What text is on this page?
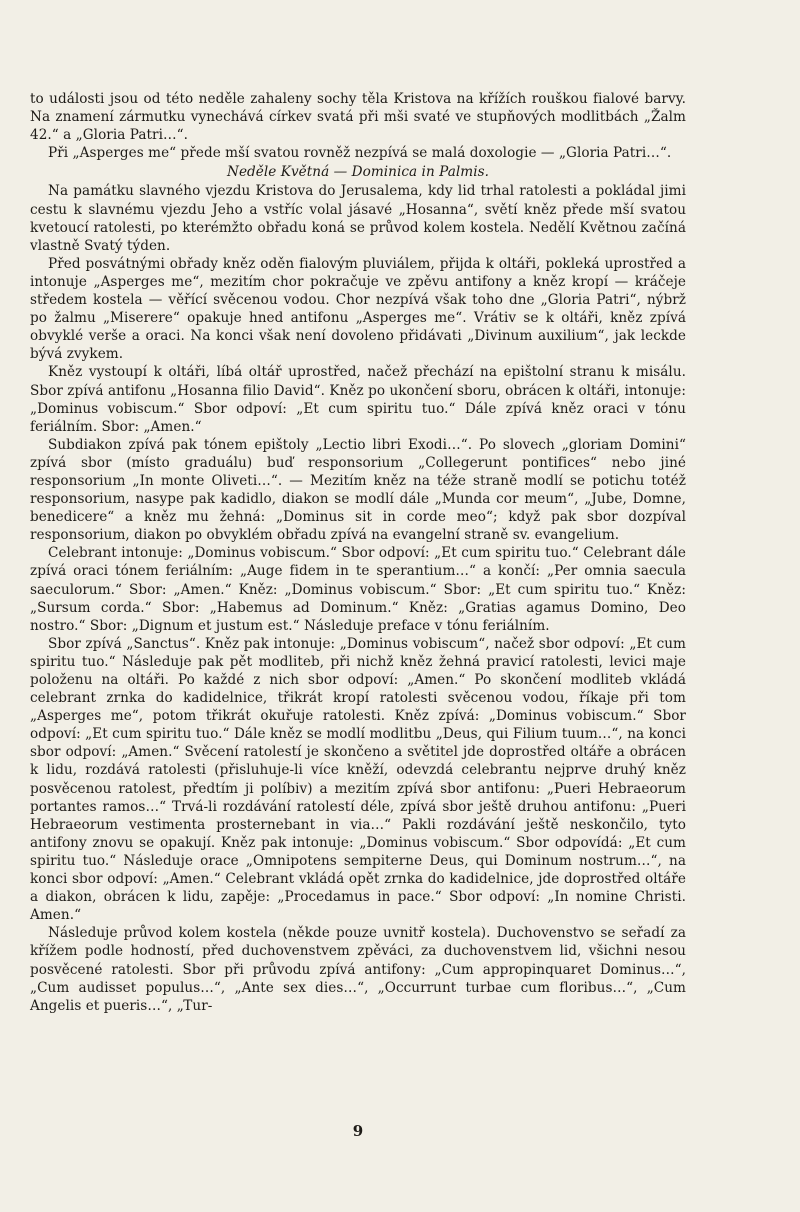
to události jsou od této neděle zahaleny sochy těla Kristova na křížích rouškou fialové barvy. Na znamení zármutku vynechává církev svatá při mši svaté ve stupňových modlitbách „Žalm 42.“ a „Gloria Patri…“.

Při „Asperges me“ přede mší svatou rovněž nezpívá se malá doxologie — „Gloria Patri…“.

Neděle Květná — Dominica in Palmis.

Na památku slavného vjezdu Kristova do Jerusalema, kdy lid trhal ratolesti a pokládal jimi cestu k slavnému vjezdu Jeho a vstříc volal jásavé „Hosanna“, světí kněz přede mší svatou kvetoucí ratolesti, po kterémžto obřadu koná se průvod kolem kostela. Nedělí Květnou začíná vlastně Svatý týden.

Před posvátnými obřady kněz oděn fialovým pluviálem, přijda k oltáři, pokleká uprostřed a intonuje „Asperges me“, mezitím chor pokračuje ve zpěvu antifony a kněz kropí — kráčeje středem kostela — věřící svěcenou vodou. Chor nezpívá však toho dne „Gloria Patri“, nýbrž po žalmu „Miserere“ opakuje hned antifonu „Asperges me“. Vrátiv se k oltáři, kněz zpívá obvyklé verše a oraci. Na konci však není dovoleno přidávati „Divinum auxilium“, jak leckde bývá zvykem.

Kněz vystoupí k oltáři, líbá oltář uprostřed, načež přechází na epištolní stranu k misálu. Sbor zpívá antifonu „Hosanna filio David“. Kněz po ukončení sboru, obrácen k oltáři, intonuje: „Dominus vobiscum.“ Sbor odpoví: „Et cum spiritu tuo.“ Dále zpívá kněz oraci v tónu feriálním. Sbor: „Amen.“

Subdiakon zpívá pak tónem epištoly „Lectio libri Exodi…“. Po slovech „gloriam Domini“ zpívá sbor (místo graduálu) buď responsorium „Collegerunt pontifices“ nebo jiné responsorium „In monte Oliveti…“. — Mezitím kněz na téže straně modlí se potichu totéž responsorium, nasype pak kadidlo, diakon se modlí dále „Munda cor meum“, „Jube, Domne, benedicere“ a kněz mu žehná: „Dominus sit in corde meo“; když pak sbor dozpíval responsorium, diakon po obvyklém obřadu zpívá na evangelní straně sv. evangelium.

Celebrant intonuje: „Dominus vobiscum.“ Sbor odpoví: „Et cum spiritu tuo.“ Celebrant dále zpívá oraci tónem feriálním: „Auge fidem in te sperantium…“ a končí: „Per omnia saecula saeculorum.“ Sbor: „Amen.“ Kněz: „Dominus vobiscum.“ Sbor: „Et cum spiritu tuo.“ Kněz: „Sursum corda.“ Sbor: „Habemus ad Dominum.“ Kněz: „Gratias agamus Domino, Deo nostro.“ Sbor: „Dignum et justum est.“ Následuje preface v tónu feriálním.

Sbor zpívá „Sanctus“. Kněz pak intonuje: „Dominus vobiscum“, načež sbor odpoví: „Et cum spiritu tuo.“ Následuje pak pět modliteb, při nichž kněz žehná pravicí ratolesti, levici maje položenu na oltáři. Po každé z nich sbor odpoví: „Amen.“ Po skončení modliteb vkládá celebrant zrnka do kadidelnice, třikrát kropí ratolesti svěcenou vodou, říkaje při tom „Asperges me“, potom třikrát okuřuje ratolesti. Kněz zpívá: „Dominus vobiscum.“ Sbor odpoví: „Et cum spiritu tuo.“ Dále kněz se modlí modlitbu „Deus, qui Filium tuum…“, na konci sbor odpoví: „Amen.“ Svěcení ratolestí je skončeno a světitel jde doprostřed oltáře a obrácen k lidu, rozdává ratolesti (přisluhuje-li více kněží, odevzdá celebrantu nejprve druhý kněz posvěcenou ratolest, předtím ji políbiv) a mezitím zpívá sbor antifonu: „Pueri Hebraeorum portantes ramos…“ Trvá-li rozdávání ratolestí déle, zpívá sbor ještě druhou antifonu: „Pueri Hebraeorum vestimenta prosternebant in via…“ Pakli rozdávání ještě neskončilo, tyto antifony znovu se opakují. Kněz pak intonuje: „Dominus vobiscum.“ Sbor odpovídá: „Et cum spiritu tuo.“ Následuje orace „Omnipotens sempiterne Deus, qui Dominum nostrum…“, na konci sbor odpoví: „Amen.“ Celebrant vkládá opět zrnka do kadidelnice, jde doprostřed oltáře a diakon, obrácen k lidu, zapěje: „Procedamus in pace.“ Sbor odpoví: „In nomine Christi. Amen.“

Následuje průvod kolem kostela (někde pouze uvnitř kostela). Duchovenstvo se seřadí za křížem podle hodností, před duchovenstvem zpěváci, za duchovenstvem lid, všichni nesou posvěcené ratolesti. Sbor při průvodu zpívá antifony: „Cum appropinquaret Dominus…“, „Cum audisset populus…“, „Ante sex dies…“, „Occurrunt turbae cum floribus…“, „Cum Angelis et pueris…“, „Tur-

9
